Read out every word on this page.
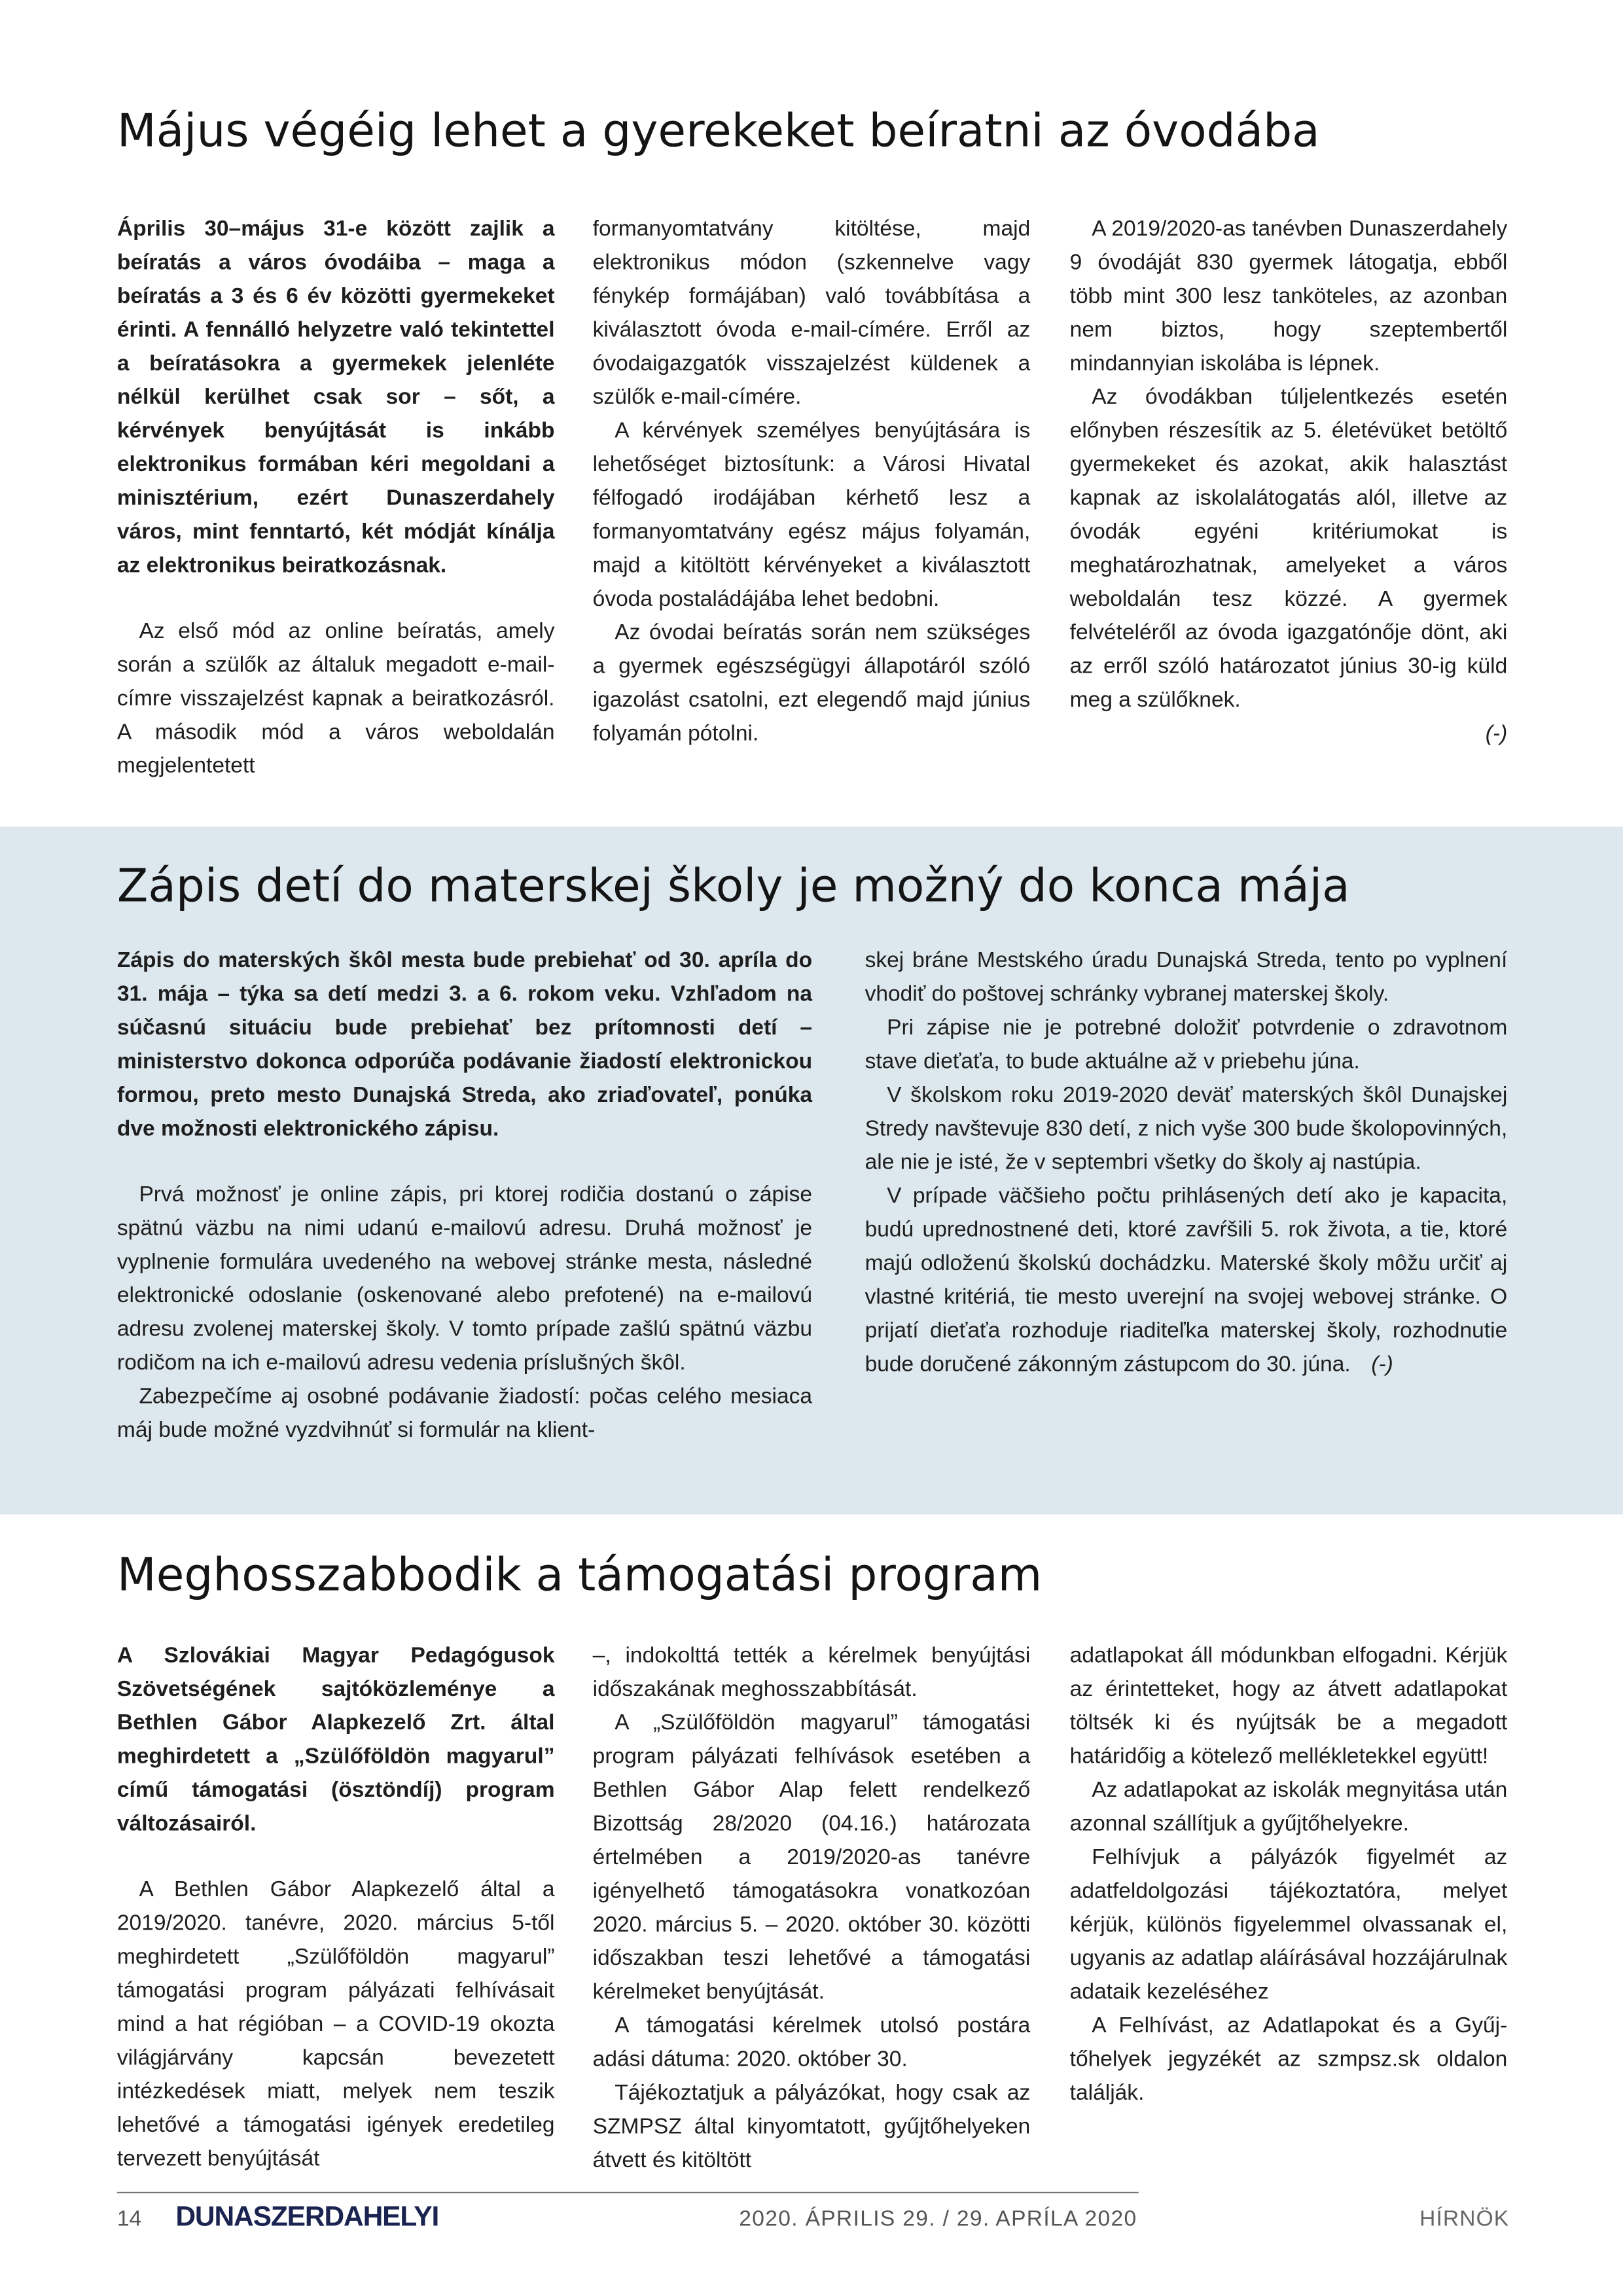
Május végéig lehet a gyerekeket beíratni az óvodába

Április 30–május 31-e között zajlik a beíratás a város óvodáiba – maga a beíratás a 3 és 6 év közötti gyermekeket érinti. A fennálló helyzetre való tekintettel a beíratásokra a gyermekek jelenléte nélkül kerülhet csak sor – sőt, a kérvények benyújtását is inkább elektronikus formában kéri megoldani a minisztérium, ezért Dunaszerdahely város, mint fenntartó, két módját kínálja az elektronikus beiratkozásnak.

Az első mód az online beíratás, amely során a szülők az általuk megadott e-mail-címre visszajelzést kapnak a beiratkozásról. A második mód a város weboldalán megjelentetett

formanyomtatvány kitöltése, majd elektronikus módon (szkennelve vagy fénykép formájában) való továbbítása a kiválasztott óvoda e-mail-címére. Erről az óvodaigazgatók visszajelzést küldenek a szülők e-mail-címére.

A kérvények személyes benyújtására is lehetőséget biztosítunk: a Városi Hivatal félfogadó irodájában kérhető lesz a formanyomtatvány egész május folyamán, majd a kitöltött kérvényeket a kiválasztott óvoda postaládájába lehet bedobni.

Az óvodai beíratás során nem szükséges a gyermek egészségügyi állapotáról szóló igazolást csatolni, ezt elegendő majd június folyamán pótolni.

A 2019/2020-as tanévben Dunaszerdahely 9 óvodáját 830 gyermek látogatja, ebből több mint 300 lesz tanköteles, az azonban nem biztos, hogy szeptembertől mindannyian iskolába is lépnek.

Az óvodákban túljelentkezés esetén előnyben részesítik az 5. életévüket betöltő gyermekeket és azokat, akik halasztást kapnak az iskolalátogatás alól, illetve az óvodák egyéni kritériumokat is meghatározhatnak, amelyeket a város weboldalán tesz közzé. A gyermek felvételéről az óvoda igazgatónője dönt, aki az erről szóló határozatot június 30-ig küld meg a szülőknek.

(-)

Zápis detí do materskej školy je možný do konca mája

Zápis do materských škôl mesta bude prebiehať od 30. apríla do 31. mája – týka sa detí medzi 3. a 6. rokom veku. Vzhľadom na súčasnú situáciu bude prebiehať bez prítomnosti detí – ministerstvo dokonca odporúča podávanie žiadostí elektronickou formou, preto mesto Dunajská Streda, ako zriaďovateľ, ponúka dve možnosti elektronického zápisu.

Prvá možnosť je online zápis, pri ktorej rodičia dostanú o zápise spätnú väzbu na nimi udanú e-mailovú adresu. Druhá možnosť je vyplnenie formulára uvedeného na webovej stránke mesta, následné elektronické odoslanie (oskenované alebo prefotené) na e-mailovú adresu zvolenej materskej školy. V tomto prípade zašlú spätnú väzbu rodičom na ich e-mailovú adresu vedenia príslušných škôl.

Zabezpečíme aj osobné podávanie žiadostí: počas celého mesiaca máj bude možné vyzdvihnúť si formulár na klient-

skej bráne Mestského úradu Dunajská Streda, tento po vyplnení vhodiť do poštovej schránky vybranej materskej školy.

Pri zápise nie je potrebné doložiť potvrdenie o zdravotnom stave dieťaťa, to bude aktuálne až v priebehu júna.

V školskom roku 2019-2020 deväť materských škôl Dunajskej Stredy navštevuje 830 detí, z nich vyše 300 bude školopovinných, ale nie je isté, že v septembri všetky do školy aj nastúpia.

V prípade väčšieho počtu prihlásených detí ako je kapacita, budú uprednostnené deti, ktoré zavŕšili 5. rok života, a tie, ktoré majú odloženú školskú dochádzku. Materské školy môžu určiť aj vlastné kritériá, tie mesto uverejní na svojej webovej stránke. O prijatí dieťaťa rozhoduje riaditeľka materskej školy, rozhodnutie bude doručené zákonným zástupcom do 30. júna.	(-)

Meghosszabbodik a támogatási program

A Szlovákiai Magyar Pedagógusok Szövetségének sajtóközleménye a Bethlen Gábor Alapkezelő Zrt. által meghirdetett a „Szülőföldön magyarul” című támogatási (ösztöndíj) program változásairól.

A Bethlen Gábor Alapkezelő által a 2019/2020. tanévre, 2020. március 5-től meghirdetett „Szülőföldön magyarul” támogatási program pályázati felhívásait mind a hat régióban – a COVID-19 okozta világjárvány kapcsán bevezetett intézkedések miatt, melyek nem teszik lehetővé a támogatási igények eredetileg tervezett benyújtását

–, indokolttá tették a kérelmek benyújtási időszakának meghosszabbítását.

A „Szülőföldön magyarul” támogatási program pályázati felhívások esetében a Bethlen Gábor Alap felett rendelkező Bizottság 28/2020 (04.16.) határozata értelmében a 2019/2020-as tanévre igényelhető támogatásokra vonatkozóan 2020. március 5. – 2020. október 30. közötti időszakban teszi lehetővé a támogatási kérelmeket benyújtását.

A támogatási kérelmek utolsó postára adási dátuma: 2020. október 30.

Tájékoztatjuk a pályázókat, hogy csak az SZMPSZ által kinyomtatott, gyűjtőhelyeken átvett és kitöltött

adatlapokat áll módunkban elfogadni. Kérjük az érintetteket, hogy az átvett adatlapokat töltsék ki és nyújtsák be a megadott határidőig a kötelező mellékletekkel együtt!

Az adatlapokat az iskolák megnyitása után azonnal szállítjuk a gyűjtőhelyekre.

Felhívjuk a pályázók figyelmét az adatfeldolgozási tájékoztatóra, melyet kérjük, különös figyelemmel olvassanak el, ugyanis az adatlap aláírásával hozzájárulnak adataik kezeléséhez

A Felhívást, az Adatlapokat és a Gyűjtőhelyek jegyzékét az szmpsz.sk oldalon találják.

14	DUNASZERDAHELYI	2020. ÁPRILIS 29. / 29. APRÍLA 2020	HÍRNÖK
